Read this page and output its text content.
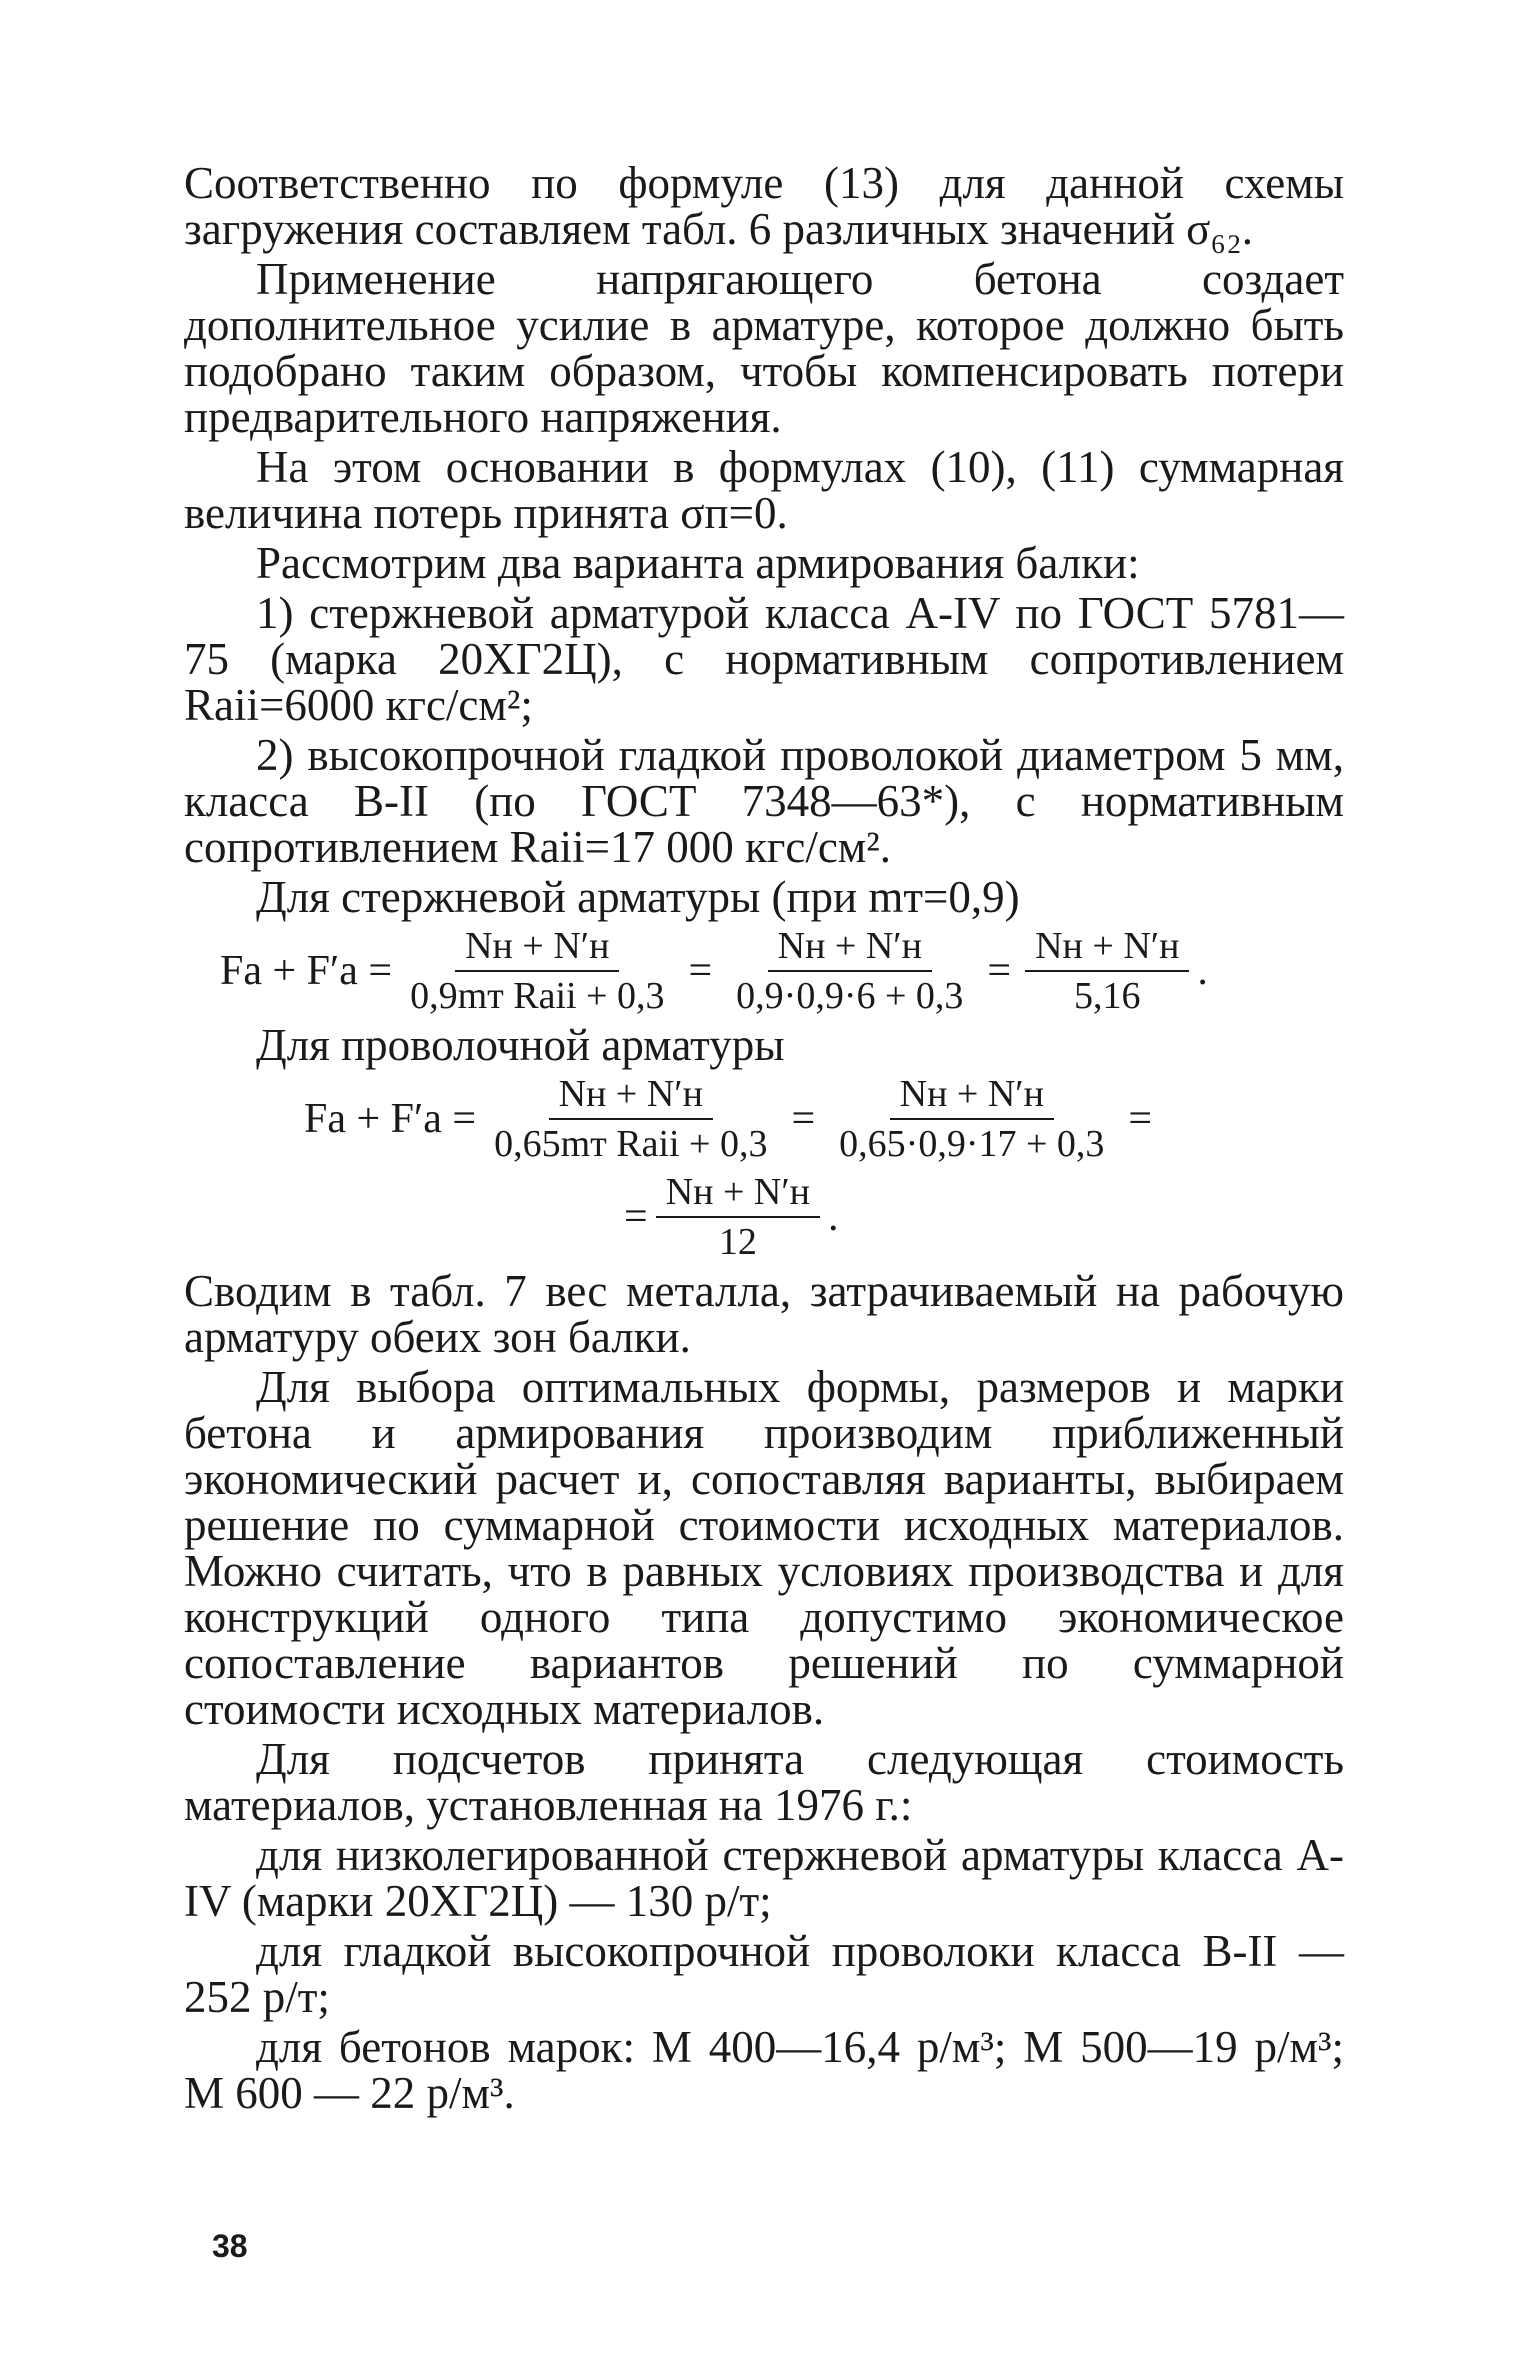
Соответственно по формуле (13) для данной схемы загружения составляем табл. 6 различных значений σ₆₂.

Применение напрягающего бетона создает дополнительное усилие в арматуре, которое должно быть подобрано таким образом, чтобы компенсировать потери предварительного напряжения.

На этом основании в формулах (10), (11) суммарная величина потерь принята σп=0.

Рассмотрим два варианта армирования балки:

1) стержневой арматурой класса А-IV по ГОСТ 5781—75 (марка 20ХГ2Ц), с нормативным сопротивлением Rаіі=6000 кгс/см²;

2) высокопрочной гладкой проволокой диаметром 5 мм, класса В-II (по ГОСТ 7348—63*), с нормативным сопротивлением Rаіі=17 000 кгс/см².

Для стержневой арматуры (при mт=0,9)

Fа + $F'а = \frac{Nн + N'н}{\text{0,9mт Rаіі + 0,3}} = \frac{Nн + N'н}{0,9\cdot 0,9\cdot 6 + 0,3} = \frac{Nн + N'н}{5,16}$ .

Для проволочной арматуры

Fа + $F'а = \frac{Nн + N'н}{\text{0,65mт Rаіі + 0,3}} = \frac{Nн + N'н}{0,65\cdot 0,9\cdot 17 + 0,3}$ =
= $\frac{Nн + N'н}{12}$ .

Сводим в табл. 7 вес металла, затрачиваемый на рабочую арматуру обеих зон балки.

Для выбора оптимальных формы, размеров и марки бетона и армирования производим приближенный экономический расчет и, сопоставляя варианты, выбираем решение по суммарной стоимости исходных материалов. Можно считать, что в равных условиях производства и для конструкций одного типа допустимо экономическое сопоставление вариантов решений по суммарной стоимости исходных материалов.

Для подсчетов принята следующая стоимость материалов, установленная на 1976 г.:

для низколегированной стержневой арматуры класса А-IV (марки 20ХГ2Ц) — 130 р/т;

для гладкой высокопрочной проволоки класса В-II — 252 р/т;

для бетонов марок: М 400—16,4 р/м³; М 500—19 р/м³; М 600 — 22 р/м³.

38
